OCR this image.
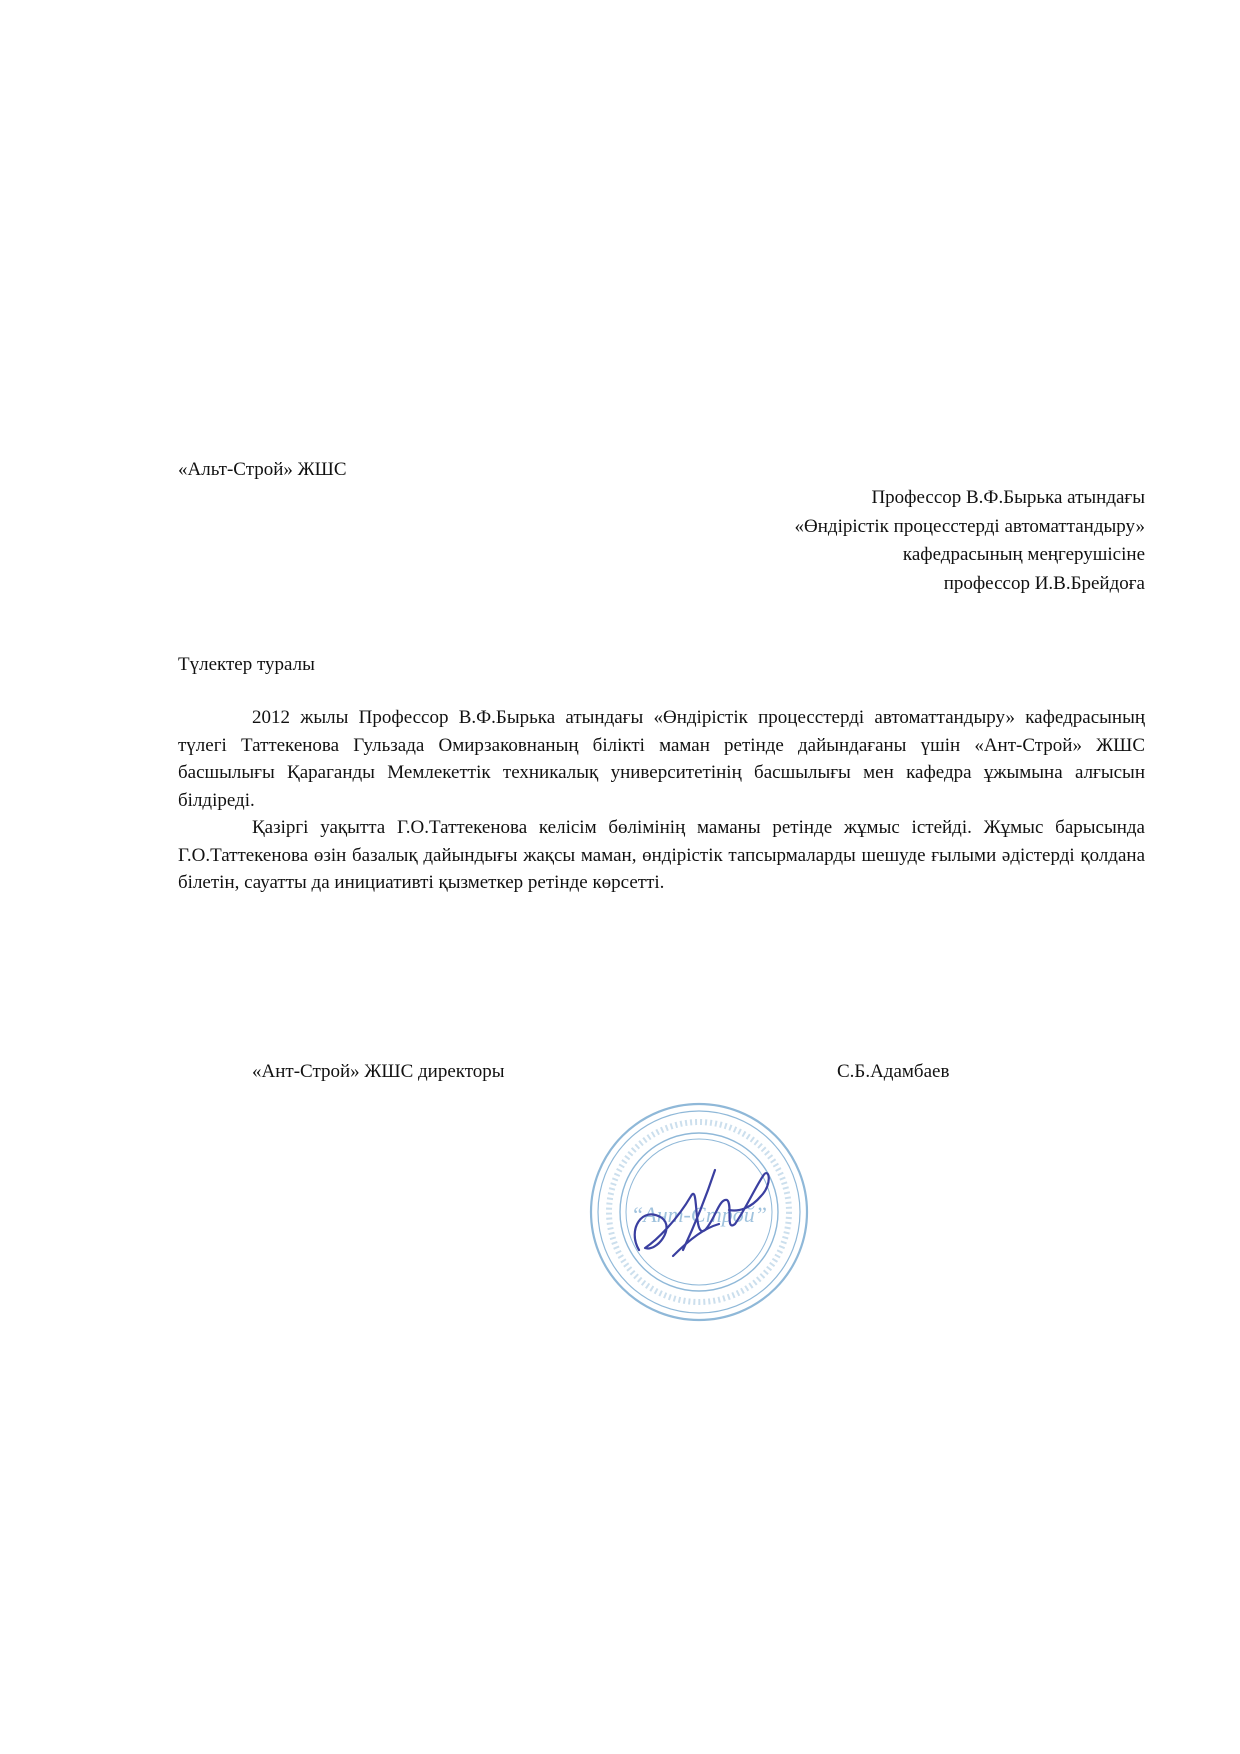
«Альт-Строй» ЖШС
Профессор В.Ф.Бырька атындағы
«Өндірістік процесстерді автоматтандыру»
кафедрасының меңгерушісіне
профессор И.В.Брейдоға
Түлектер туралы

2012 жылы Профессор В.Ф.Бырька атындағы «Өндірістік процесстерді автоматтандыру» кафедрасының түлегі Таттекенова Гульзада Омирзаковнаның білікті маман ретінде дайындағаны үшін «Ант-Строй» ЖШС басшылығы Қараганды Мемлекеттік техникалық университетінің басшылығы мен кафедра ұжымына алғысын білдіреді.

Қазіргі уақытта Г.О.Таттекенова келісім бөлімінің маманы ретінде жұмыс істейді. Жұмыс барысында Г.О.Таттекенова өзін базалық дайындығы жақсы маман, өндірістік тапсырмаларды шешуде ғылыми әдістерді қолдана білетін, сауатты да инициативті қызметкер ретінде көрсетті.

«Ант-Строй» ЖШС директоры	С.Б.Адамбаев
“Ант-Строй”
